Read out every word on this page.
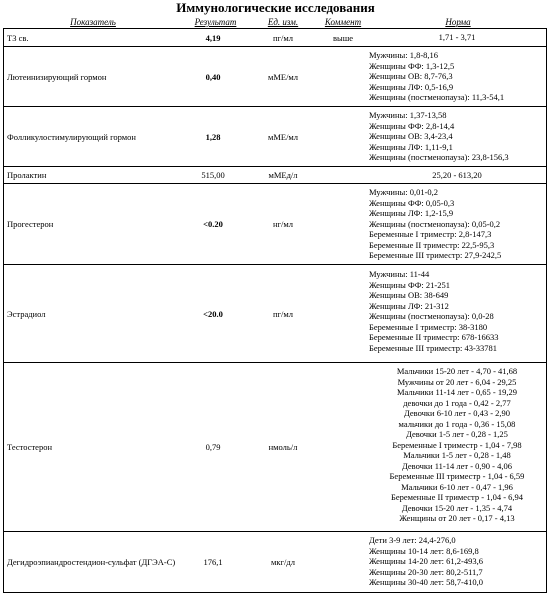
Иммунологические исследования
Показатель	Результат	Ед. изм.	Коммент	Норма
Т3 св.	4,19	пг/мл	выше	1,71 - 3,71
Лютеинизирующий гормон	0,40	мМЕ/мл
Мужчины: 1,8-8,16
Женщины ФФ: 1,3-12,5
Женщины ОВ: 8,7-76,3
Женщины ЛФ: 0,5-16,9
Женщины (постменопауза): 11,3-54,1
Фолликулостимулирующий гормон	1,28	мМЕ/мл
Мужчины: 1,37-13,58
Женщины ФФ: 2,8-14,4
Женщины ОВ: 3,4-23,4
Женщины ЛФ: 1,11-9,1
Женщины (постменопауза): 23,8-156,3
Пролактин	515,00	мМЕд/л	25,20 - 613,20
Прогестерон	<0.20	нг/мл
Мужчины: 0,01-0,2
Женщины ФФ: 0,05-0,3
Женщины ЛФ: 1,2-15,9
Женщины (постменопауза): 0,05-0,2
Беременные I триместр: 2,8-147,3
Беременные II триместр: 22,5-95,3
Беременные III триместр: 27,9-242,5
Эстрадиол	<20.0	пг/мл
Мужчины: 11-44
Женщины ФФ: 21-251
Женщины ОВ: 38-649
Женщины ЛФ: 21-312
Женщины (постменопауза): 0,0-28
Беременные I триместр: 38-3180
Беременные II триместр: 678-16633
Беременные III триместр: 43-33781
Тестостерон	0,79	нмоль/л
Мальчики 15-20 лет - 4,70 - 41,68
Мужчины от 20 лет - 6,04 - 29,25
Мальчики 11-14 лет - 0,65 - 19,29
девочки до 1 года - 0,42 - 2,77
Девочки 6-10 лет - 0,43 - 2,90
мальчики до 1 года - 0,36 - 15,08
Девочки 1-5 лет - 0,28 - 1,25
Беременные I триместр - 1,04 - 7,98
Мальчики 1-5 лет - 0,28 - 1,48
Девочки 11-14 лет - 0,90 - 4,06
Беременные III триместр - 1,04 - 6,59
Мальчики 6-10 лет - 0,47 - 1,96
Беременные II триместр - 1,04 - 6,94
Девочки 15-20 лет - 1,35 - 4,74
Женщины от 20 лет - 0,17 - 4,13
Дегидроэпиандростендион-сульфат (ДГЭА-С)	176,1	мкг/дл
Дети 3-9 лет: 24,4-276,0
Женщины 10-14 лет: 8,6-169,8
Женщины 14-20 лет: 61,2-493,6
Женщины 20-30 лет: 80,2-511,7
Женщины 30-40 лет: 58,7-410,0
